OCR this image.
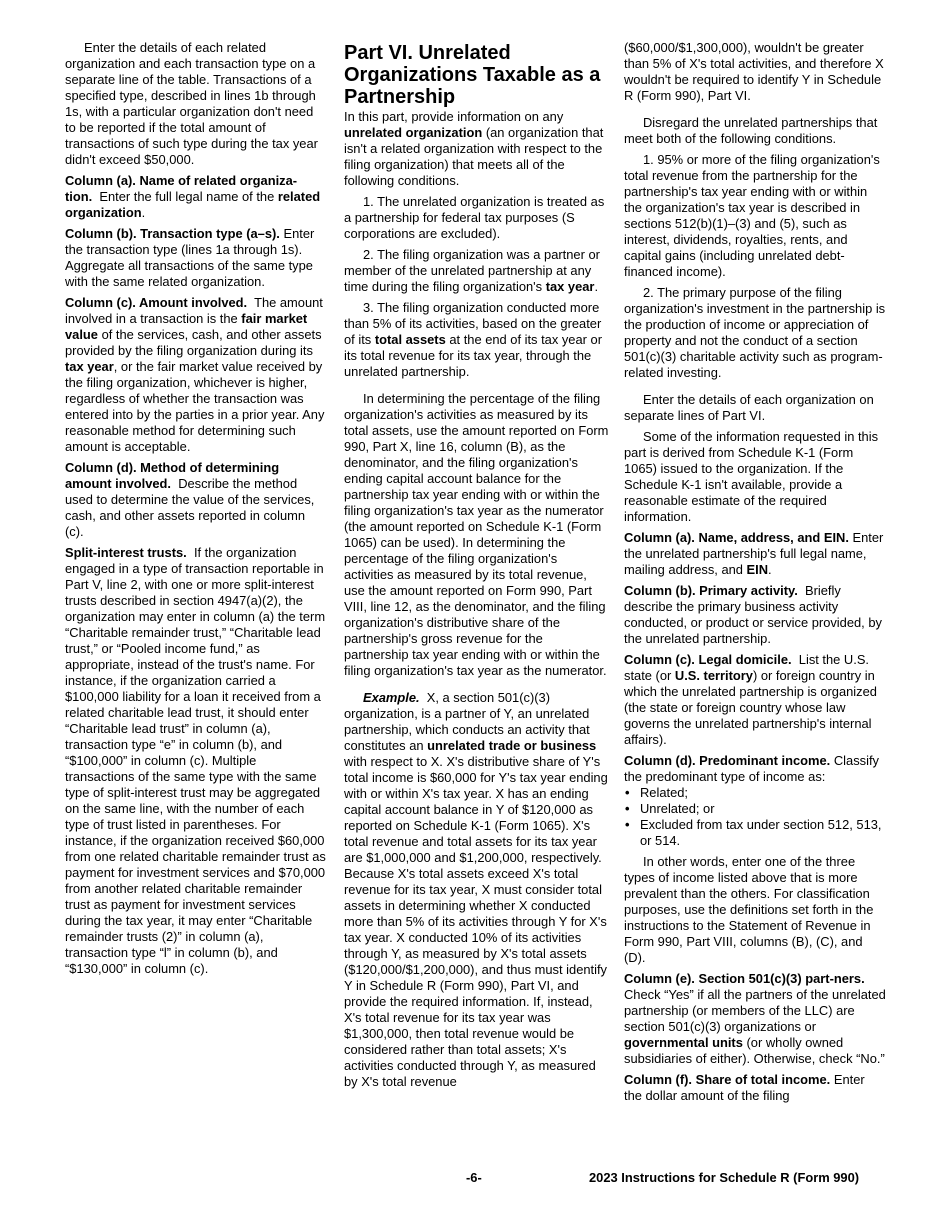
Enter the details of each related organization and each transaction type on a separate line of the table. Transactions of a specified type, described in lines 1b through 1s, with a particular organization don't need to be reported if the total amount of transactions of such type during the tax year didn't exceed $50,000.

Column (a). Name of related organiza-tion. Enter the full legal name of the related organization.

Column (b). Transaction type (a–s). Enter the transaction type (lines 1a through 1s). Aggregate all transactions of the same type with the same related organization.

Column (c). Amount involved. The amount involved in a transaction is the fair market value of the services, cash, and other assets provided by the filing organization during its tax year, or the fair market value received by the filing organization, whichever is higher, regardless of whether the transaction was entered into by the parties in a prior year. Any reasonable method for determining such amount is acceptable.

Column (d). Method of determining amount involved. Describe the method used to determine the value of the services, cash, and other assets reported in column (c).

Split-interest trusts. If the organization engaged in a type of transaction reportable in Part V, line 2, with one or more split-interest trusts described in section 4947(a)(2), the organization may enter in column (a) the term “Charitable remainder trust,” “Charitable lead trust,” or “Pooled income fund,” as appropriate, instead of the trust's name. For instance, if the organization carried a $100,000 liability for a loan it received from a related charitable lead trust, it should enter “Charitable lead trust” in column (a), transaction type “e” in column (b), and “$100,000” in column (c). Multiple transactions of the same type with the same type of split-interest trust may be aggregated on the same line, with the number of each type of trust listed in parentheses. For instance, if the organization received $60,000 from one related charitable remainder trust as payment for investment services and $70,000 from another related charitable remainder trust as payment for investment services during the tax year, it may enter “Charitable remainder trusts (2)” in column (a), transaction type “l” in column (b), and “$130,000” in column (c).

Part VI. Unrelated Organizations Taxable as a Partnership

In this part, provide information on any unrelated organization (an organization that isn't a related organization with respect to the filing organization) that meets all of the following conditions.

1. The unrelated organization is treated as a partnership for federal tax purposes (S corporations are excluded).

2. The filing organization was a partner or member of the unrelated partnership at any time during the filing organization's tax year.

3. The filing organization conducted more than 5% of its activities, based on the greater of its total assets at the end of its tax year or its total revenue for its tax year, through the unrelated partnership.

In determining the percentage of the filing organization's activities as measured by its total assets, use the amount reported on Form 990, Part X, line 16, column (B), as the denominator, and the filing organization's ending capital account balance for the partnership tax year ending with or within the filing organization's tax year as the numerator (the amount reported on Schedule K-1 (Form 1065) can be used). In determining the percentage of the filing organization's activities as measured by its total revenue, use the amount reported on Form 990, Part VIII, line 12, as the denominator, and the filing organization's distributive share of the partnership's gross revenue for the partnership tax year ending with or within the filing organization's tax year as the numerator.

Example. X, a section 501(c)(3) organization, is a partner of Y, an unrelated partnership, which conducts an activity that constitutes an unrelated trade or business with respect to X. X's distributive share of Y's total income is $60,000 for Y's tax year ending with or within X's tax year. X has an ending capital account balance in Y of $120,000 as reported on Schedule K-1 (Form 1065). X's total revenue and total assets for its tax year are $1,000,000 and $1,200,000, respectively. Because X's total assets exceed X's total revenue for its tax year, X must consider total assets in determining whether X conducted more than 5% of its activities through Y for X's tax year. X conducted 10% of its activities through Y, as measured by X's total assets ($120,000/$1,200,000), and thus must identify Y in Schedule R (Form 990), Part VI, and provide the required information. If, instead, X's total revenue for its tax year was $1,300,000, then total revenue would be considered rather than total assets; X's activities conducted through Y, as measured by X's total revenue

($60,000/$1,300,000), wouldn't be greater than 5% of X's total activities, and therefore X wouldn't be required to identify Y in Schedule R (Form 990), Part VI.

Disregard the unrelated partnerships that meet both of the following conditions.

1. 95% or more of the filing organization's total revenue from the partnership for the partnership's tax year ending with or within the organization's tax year is described in sections 512(b)(1)–(3) and (5), such as interest, dividends, royalties, rents, and capital gains (including unrelated debt-financed income).

2. The primary purpose of the filing organization's investment in the partnership is the production of income or appreciation of property and not the conduct of a section 501(c)(3) charitable activity such as program-related investing.

Enter the details of each organization on separate lines of Part VI.

Some of the information requested in this part is derived from Schedule K-1 (Form 1065) issued to the organization. If the Schedule K-1 isn't available, provide a reasonable estimate of the required information.

Column (a). Name, address, and EIN. Enter the unrelated partnership's full legal name, mailing address, and EIN.

Column (b). Primary activity. Briefly describe the primary business activity conducted, or product or service provided, by the unrelated partnership.

Column (c). Legal domicile. List the U.S. state (or U.S. territory) or foreign country in which the unrelated partnership is organized (the state or foreign country whose law governs the unrelated partnership's internal affairs).

Column (d). Predominant income. Classify the predominant type of income as:

• Related;
• Unrelated; or
• Excluded from tax under section 512, 513, or 514.

In other words, enter one of the three types of income listed above that is more prevalent than the others. For classification purposes, use the definitions set forth in the instructions to the Statement of Revenue in Form 990, Part VIII, columns (B), (C), and (D).

Column (e). Section 501(c)(3) part-ners.  Check “Yes” if all the partners of the unrelated partnership (or members of the LLC) are section 501(c)(3) organizations or governmental units (or wholly owned subsidiaries of either). Otherwise, check “No.”

Column (f). Share of total income. Enter the dollar amount of the filing

-6-	2023 Instructions for Schedule R (Form 990)
